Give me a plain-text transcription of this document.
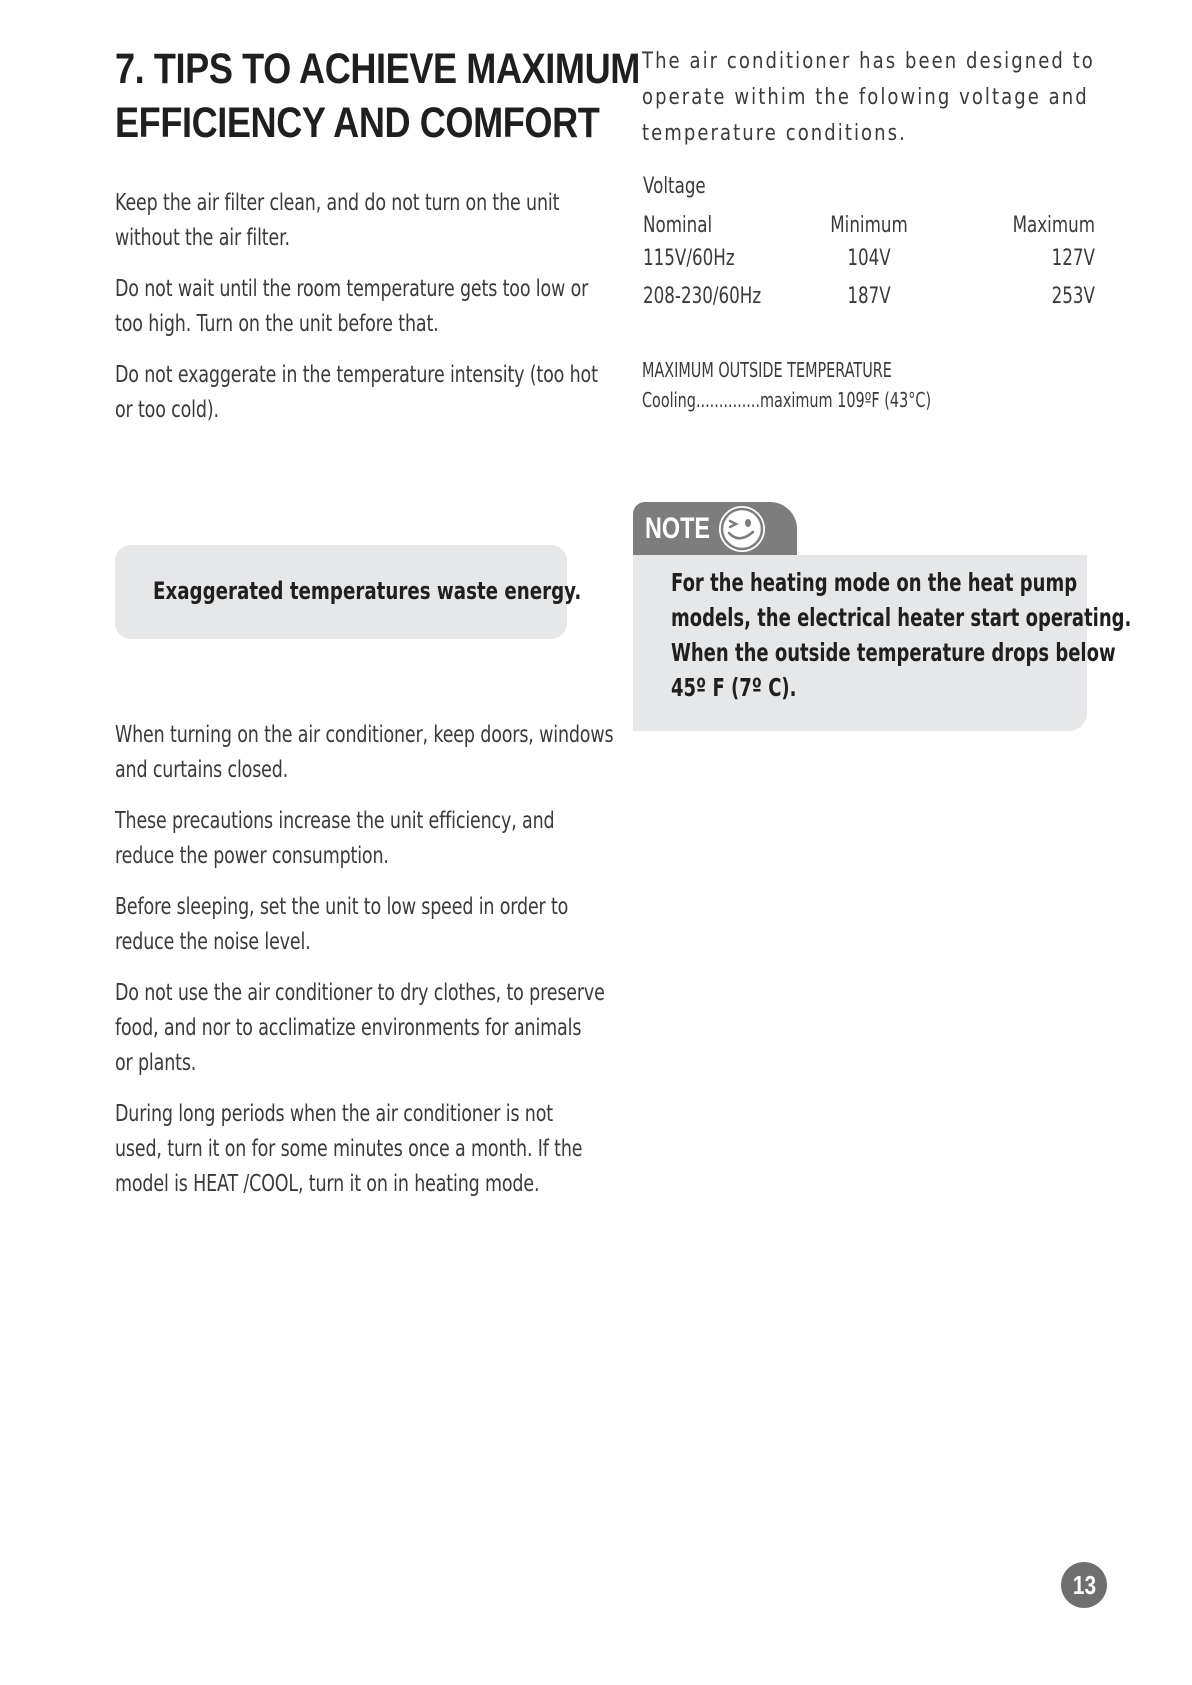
7. TIPS TO ACHIEVE MAXIMUM
EFFICIENCY AND COMFORT

Keep the air filter clean, and do not turn on the unit
without the air filter.

Do not wait until the room temperature gets too low or
too high. Turn on the unit before that.

Do not exaggerate in the temperature intensity (too hot
or too cold).

Exaggerated temperatures waste energy.

When turning on the air conditioner, keep doors, windows
and curtains closed.

These precautions increase the unit efficiency, and
reduce the power consumption.

Before sleeping, set the unit to low speed in order to
reduce the noise level.

Do not use the air conditioner to dry clothes, to preserve
food, and nor to acclimatize environments for animals
or plants.

During long periods when the air conditioner is not
used, turn it on for some minutes once a month. If the
model is HEAT /COOL, turn it on in heating mode.

The air conditioner has been designed to
operate withim the folowing voltage and
temperature conditions.

Voltage

Nominal	Minimum	Maximum

115V/60Hz	104V	127V

208-230/60Hz	187V	253V

MAXIMUM OUTSIDE TEMPERATURE

Cooling..............maximum 109ºF (43°C)

NOTE

For the heating mode on the heat pump
models, the electrical heater start operating.
When the outside temperature drops below
45º F (7º C).

13
